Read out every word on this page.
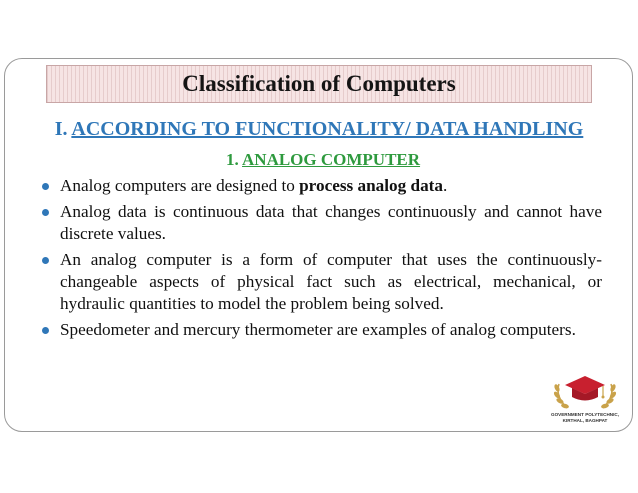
Classification of Computers
I. ACCORDING TO FUNCTIONALITY/ DATA HANDLING
1. ANALOG COMPUTER
Analog computers are designed to process analog data.
Analog data is continuous data that changes continuously and cannot have discrete values.
An analog computer is a form of computer that uses the continuously-changeable aspects of physical fact such as electrical, mechanical, or hydraulic quantities to model the problem being solved.
Speedometer and mercury thermometer are examples of analog computers.
GOVERNMENT POLYTECHNIC,
KIRTHAL, BAGHPAT
